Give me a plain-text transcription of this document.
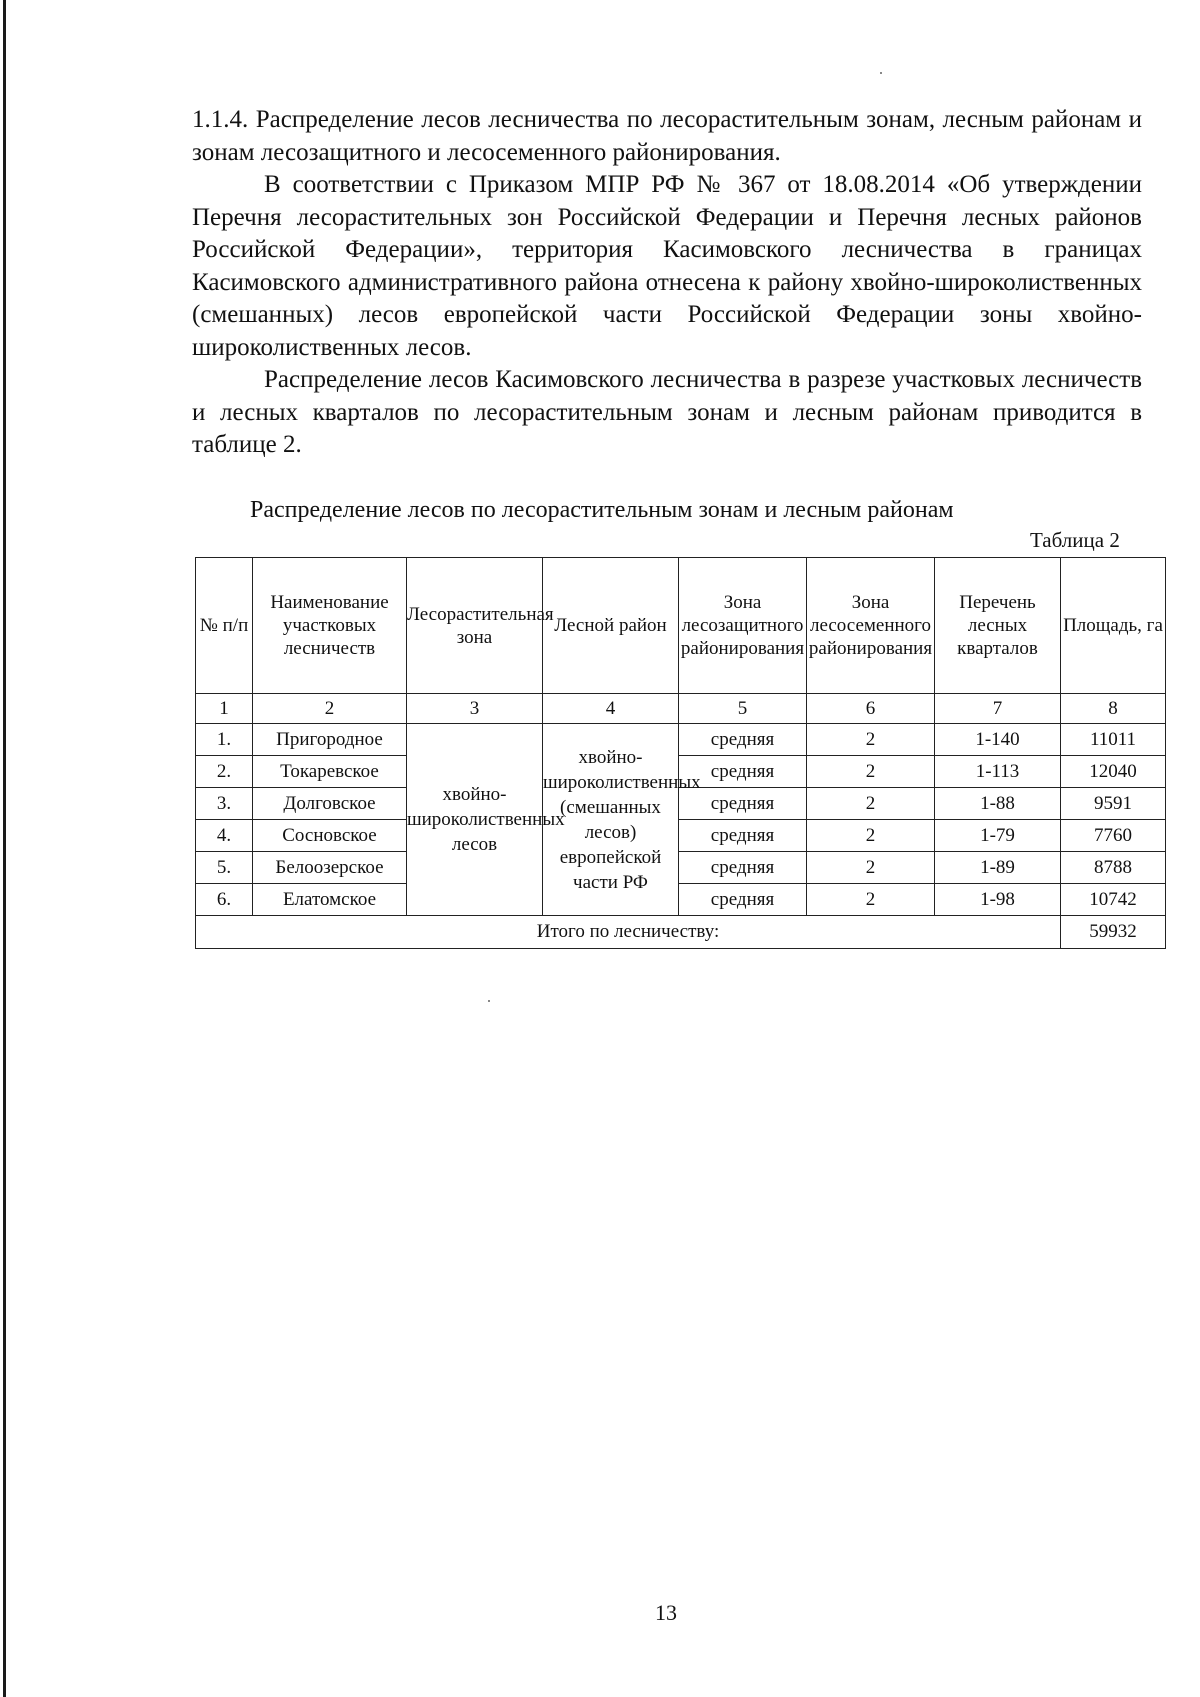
1.1.4. Распределение лесов лесничества по лесорастительным зонам, лесным районам и зонам лесозащитного и лесосеменного районирования.

В соответствии с Приказом МПР РФ № 367 от 18.08.2014 «Об утверждении Перечня лесорастительных зон Российской Федерации и Перечня лесных районов Российской Федерации», территория Касимовского лесничества в границах Касимовского административного района отнесена к району хвойно-широколиственных (смешанных) лесов европейской части Российской Федерации зоны хвойно-широколиственных лесов.

Распределение лесов Касимовского лесничества в разрезе участковых лесничеств и лесных кварталов по лесорастительным зонам и лесным районам приводится в таблице 2.

Распределение лесов по лесорастительным зонам и лесным районам
Таблица 2
№ п/п	Наименование участковых лесничеств	Лесорастительная зона	Лесной район	Зона лесозащитного районирования	Зона лесосеменного районирования	Перечень лесных кварталов	Площадь, га
1	2	3	4	5	6	7	8
1.	Пригородное	хвойно-широколиственных лесов	хвойно-широколиственных (смешанных лесов) европейской части РФ	средняя	2	1-140	11011
2.	Токаревское			средняя	2	1-113	12040
3.	Долговское			средняя	2	1-88	9591
4.	Сосновское			средняя	2	1-79	7760
5.	Белоозерское			средняя	2	1-89	8788
6.	Елатомское			средняя	2	1-98	10742
Итого по лесничеству:							59932
13
